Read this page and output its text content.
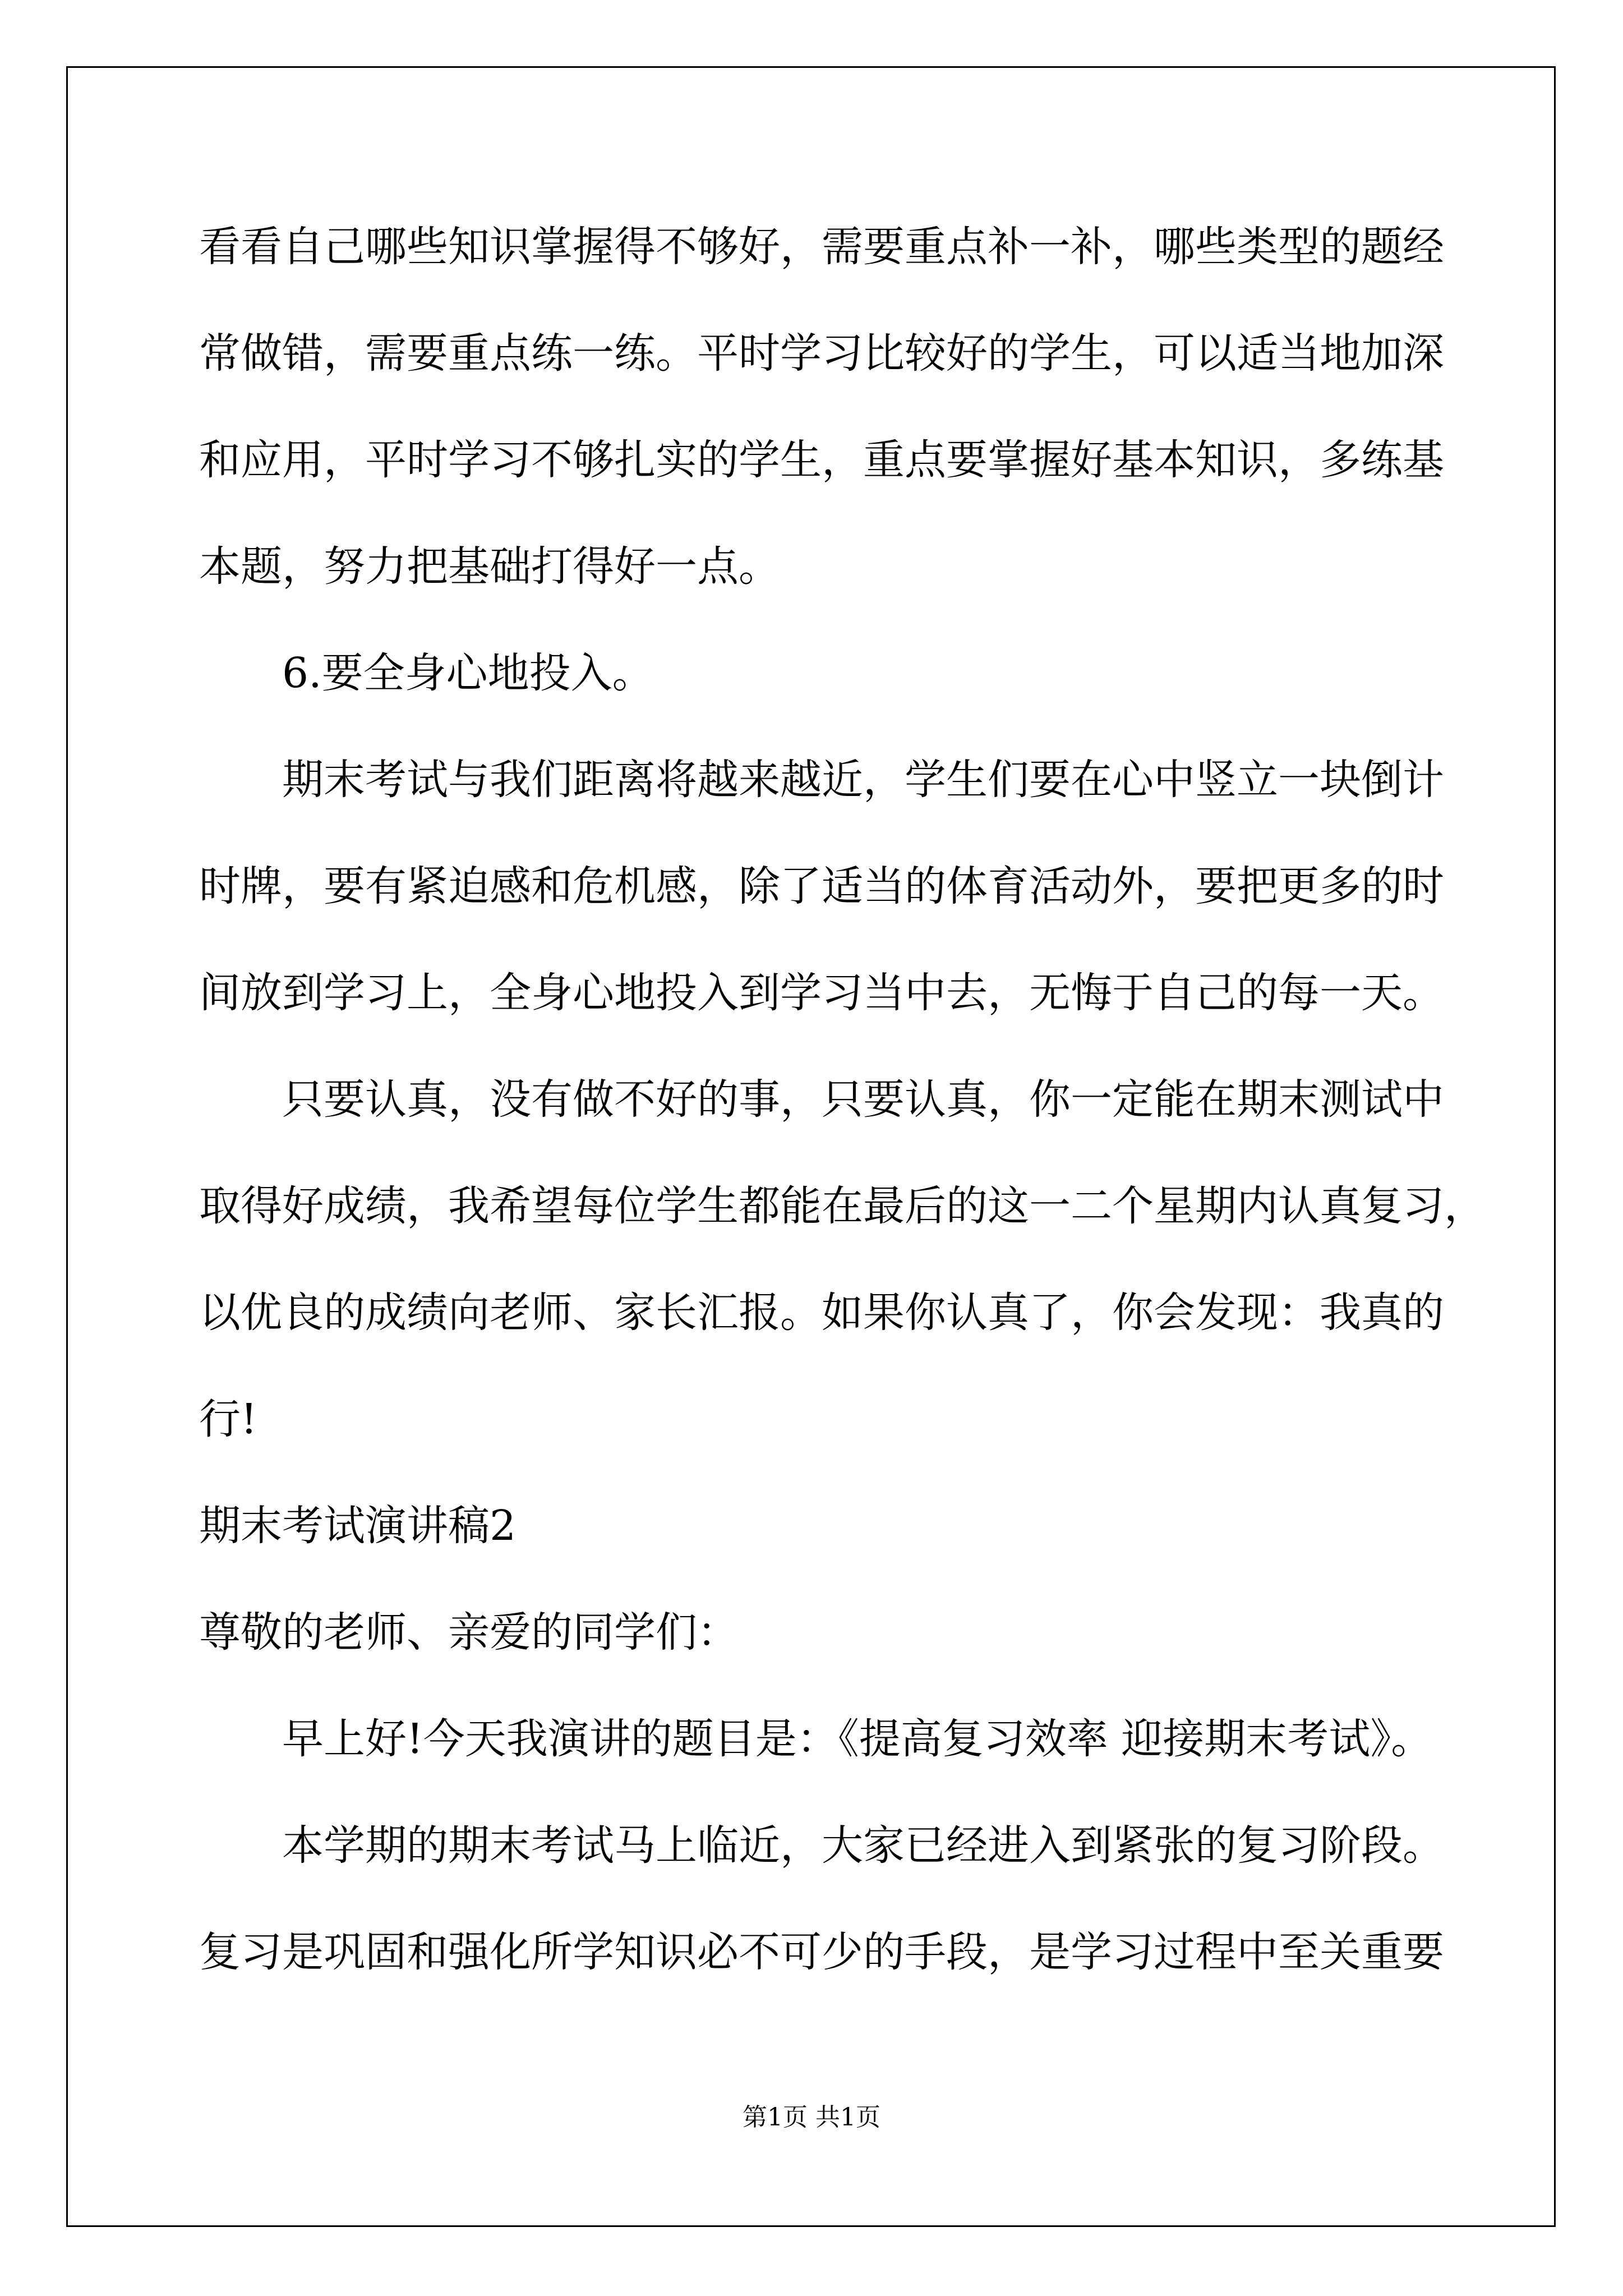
看看自己哪些知识掌握得不够好，需要重点补一补，哪些类型的题经
常做错，需要重点练一练。平时学习比较好的学生，可以适当地加深
和应用，平时学习不够扎实的学生，重点要掌握好基本知识，多练基
本题，努力把基础打得好一点。
6.要全身心地投入。
期末考试与我们距离将越来越近，学生们要在心中竖立一块倒计
时牌，要有紧迫感和危机感，除了适当的体育活动外，要把更多的时
间放到学习上，全身心地投入到学习当中去，无悔于自己的每一天。
只要认真，没有做不好的事，只要认真，你一定能在期末测试中
取得好成绩，我希望每位学生都能在最后的这一二个星期内认真复习，
以优良的成绩向老师、家长汇报。如果你认真了，你会发现：我真的
行!
期末考试演讲稿2
尊敬的老师、亲爱的同学们：
早上好!今天我演讲的题目是：《提高复习效率 迎接期末考试》。
本学期的期末考试马上临近，大家已经进入到紧张的复习阶段。
复习是巩固和强化所学知识必不可少的手段，是学习过程中至关重要
第1页 共1页
